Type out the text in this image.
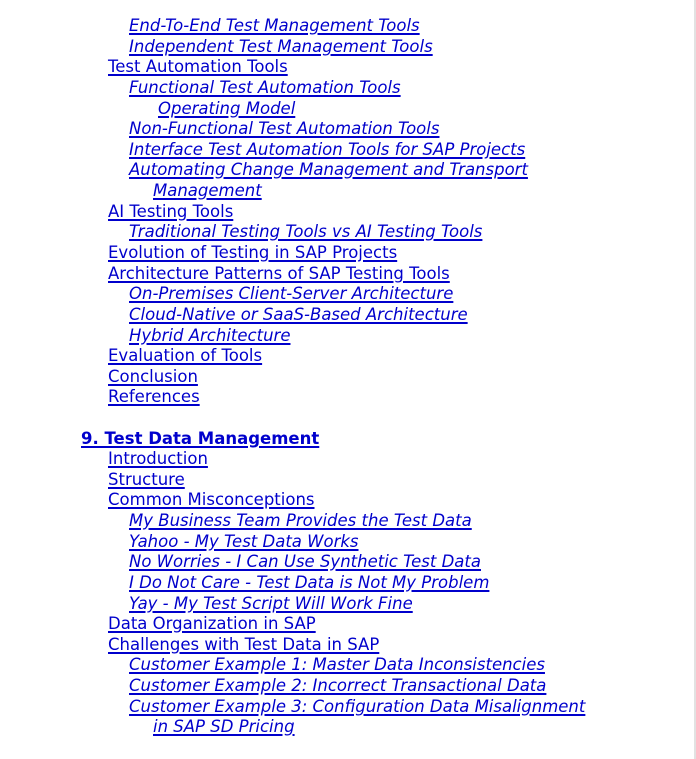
End-To-End Test Management Tools
Independent Test Management Tools
Test Automation Tools
Functional Test Automation Tools
Operating Model
Non-Functional Test Automation Tools
Interface Test Automation Tools for SAP Projects
Automating Change Management and Transport
Management
AI Testing Tools
Traditional Testing Tools vs AI Testing Tools
Evolution of Testing in SAP Projects
Architecture Patterns of SAP Testing Tools
On-Premises Client-Server Architecture
Cloud-Native or SaaS-Based Architecture
Hybrid Architecture
Evaluation of Tools
Conclusion
References
9. Test Data Management
Introduction
Structure
Common Misconceptions
My Business Team Provides the Test Data
Yahoo - My Test Data Works
No Worries - I Can Use Synthetic Test Data
I Do Not Care - Test Data is Not My Problem
Yay - My Test Script Will Work Fine
Data Organization in SAP
Challenges with Test Data in SAP
Customer Example 1: Master Data Inconsistencies
Customer Example 2: Incorrect Transactional Data
Customer Example 3: Configuration Data Misalignment
in SAP SD Pricing
